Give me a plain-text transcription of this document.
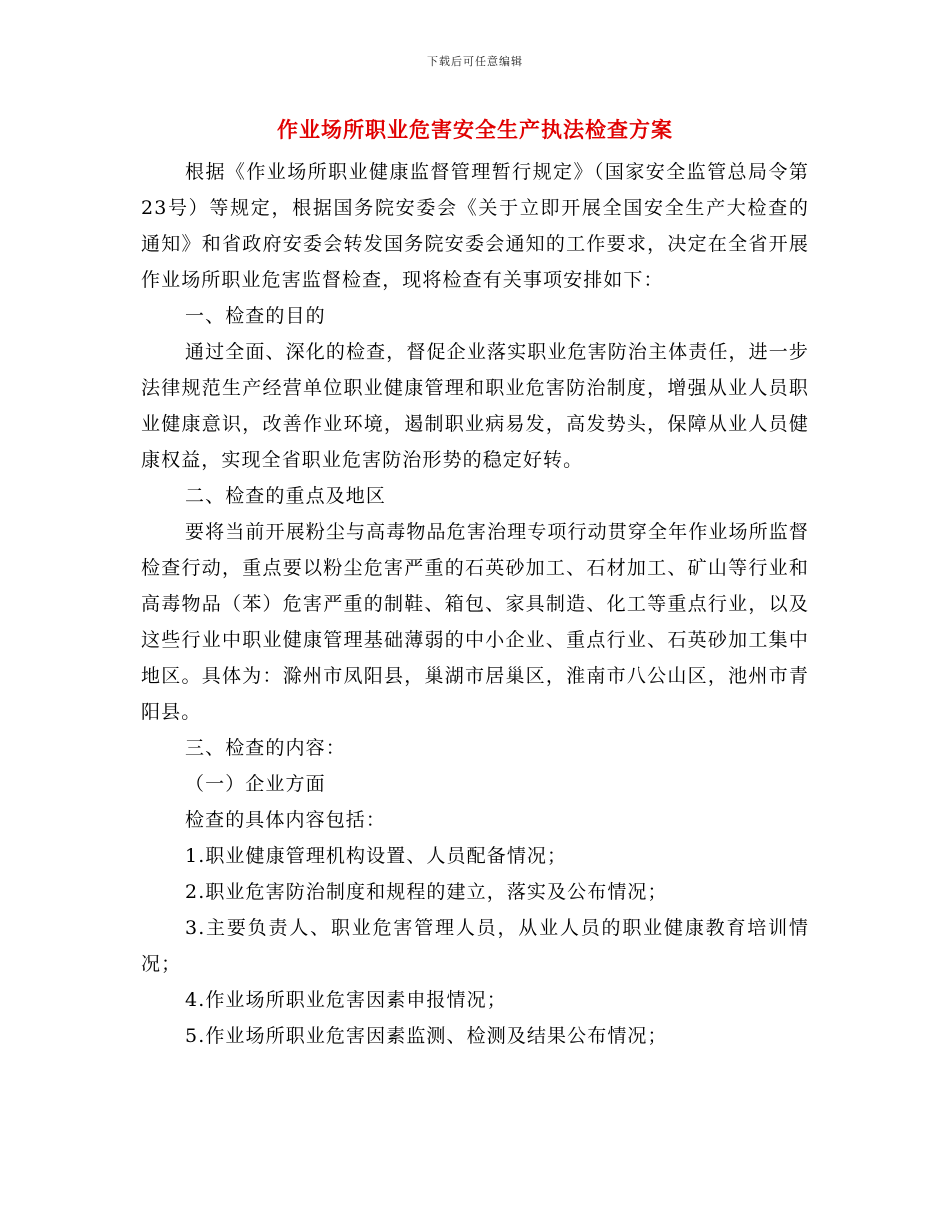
下载后可任意编辑
作业场所职业危害安全生产执法检查方案

根据《作业场所职业健康监督管理暂行规定》（国家安全监管总局令第23号）等规定，根据国务院安委会《关于立即开展全国安全生产大检查的通知》和省政府安委会转发国务院安委会通知的工作要求，决定在全省开展作业场所职业危害监督检查，现将检查有关事项安排如下：

一、检查的目的

通过全面、深化的检查，督促企业落实职业危害防治主体责任，进一步法律规范生产经营单位职业健康管理和职业危害防治制度，增强从业人员职业健康意识，改善作业环境，遏制职业病易发，高发势头，保障从业人员健康权益，实现全省职业危害防治形势的稳定好转。

二、检查的重点及地区

要将当前开展粉尘与高毒物品危害治理专项行动贯穿全年作业场所监督检查行动，重点要以粉尘危害严重的石英砂加工、石材加工、矿山等行业和高毒物品（苯）危害严重的制鞋、箱包、家具制造、化工等重点行业，以及这些行业中职业健康管理基础薄弱的中小企业、重点行业、石英砂加工集中地区。具体为：滁州市凤阳县，巢湖市居巢区，淮南市八公山区，池州市青阳县。

三、检查的内容：

（一）企业方面

检查的具体内容包括：

1.职业健康管理机构设置、人员配备情况；

2.职业危害防治制度和规程的建立，落实及公布情况；

3.主要负责人、职业危害管理人员，从业人员的职业健康教育培训情况；

4.作业场所职业危害因素申报情况；

5.作业场所职业危害因素监测、检测及结果公布情况；
